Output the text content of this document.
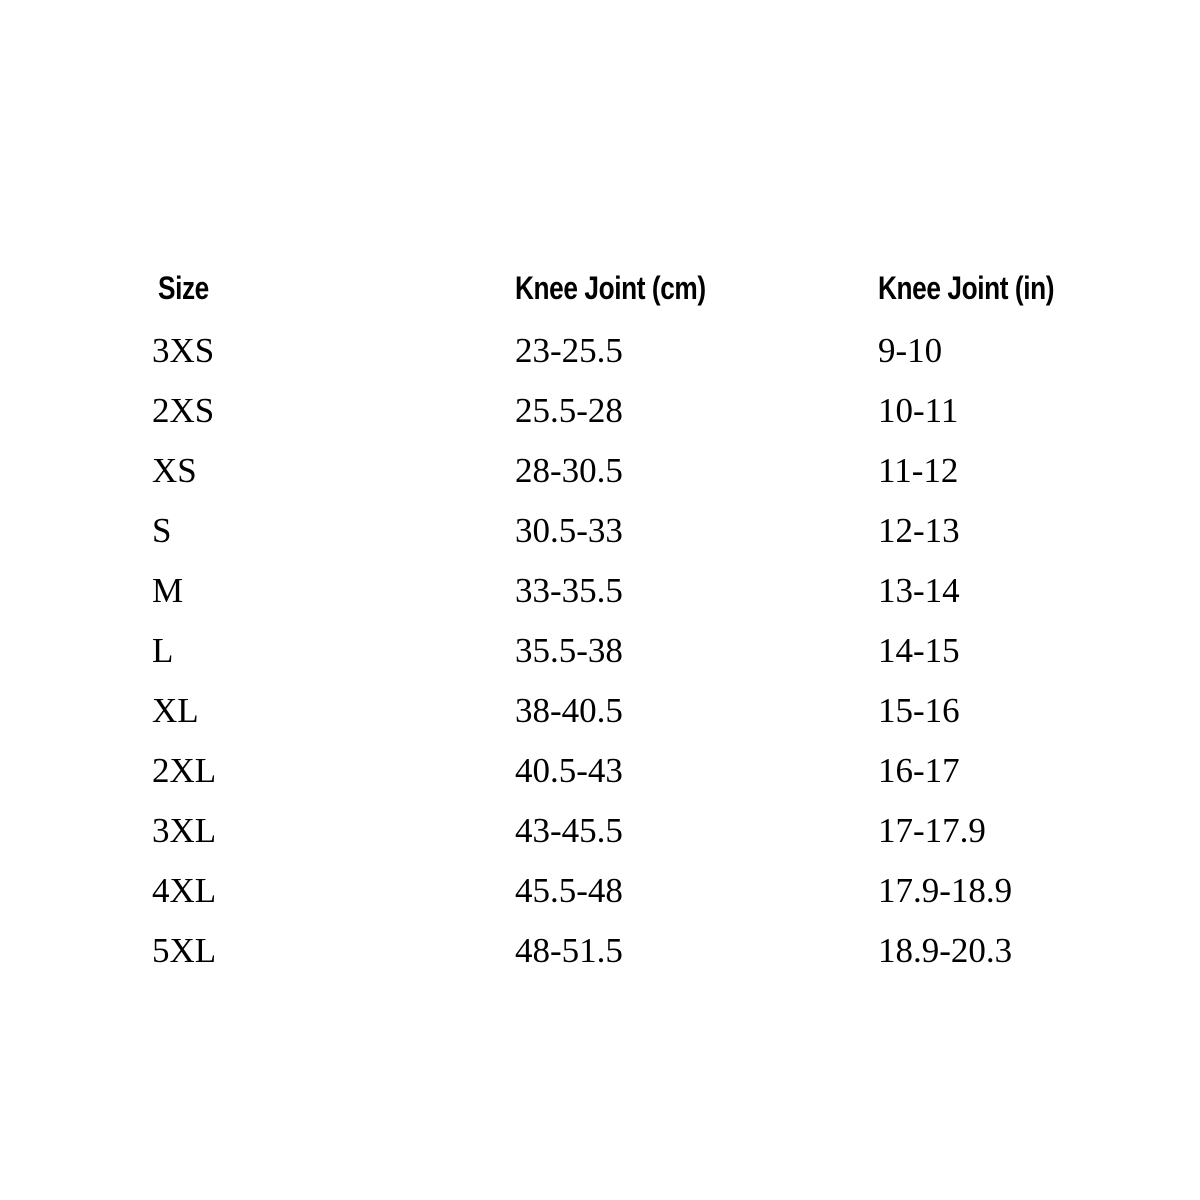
Size
3XS
2XS
XS
S
M
L
XL
2XL
3XL
4XL
5XL
Knee Joint (cm)
23-25.5
25.5-28
28-30.5
30.5-33
33-35.5
35.5-38
38-40.5
40.5-43
43-45.5
45.5-48
48-51.5
Knee Joint (in)
9-10
10-11
11-12
12-13
13-14
14-15
15-16
16-17
17-17.9
17.9-18.9
18.9-20.3
